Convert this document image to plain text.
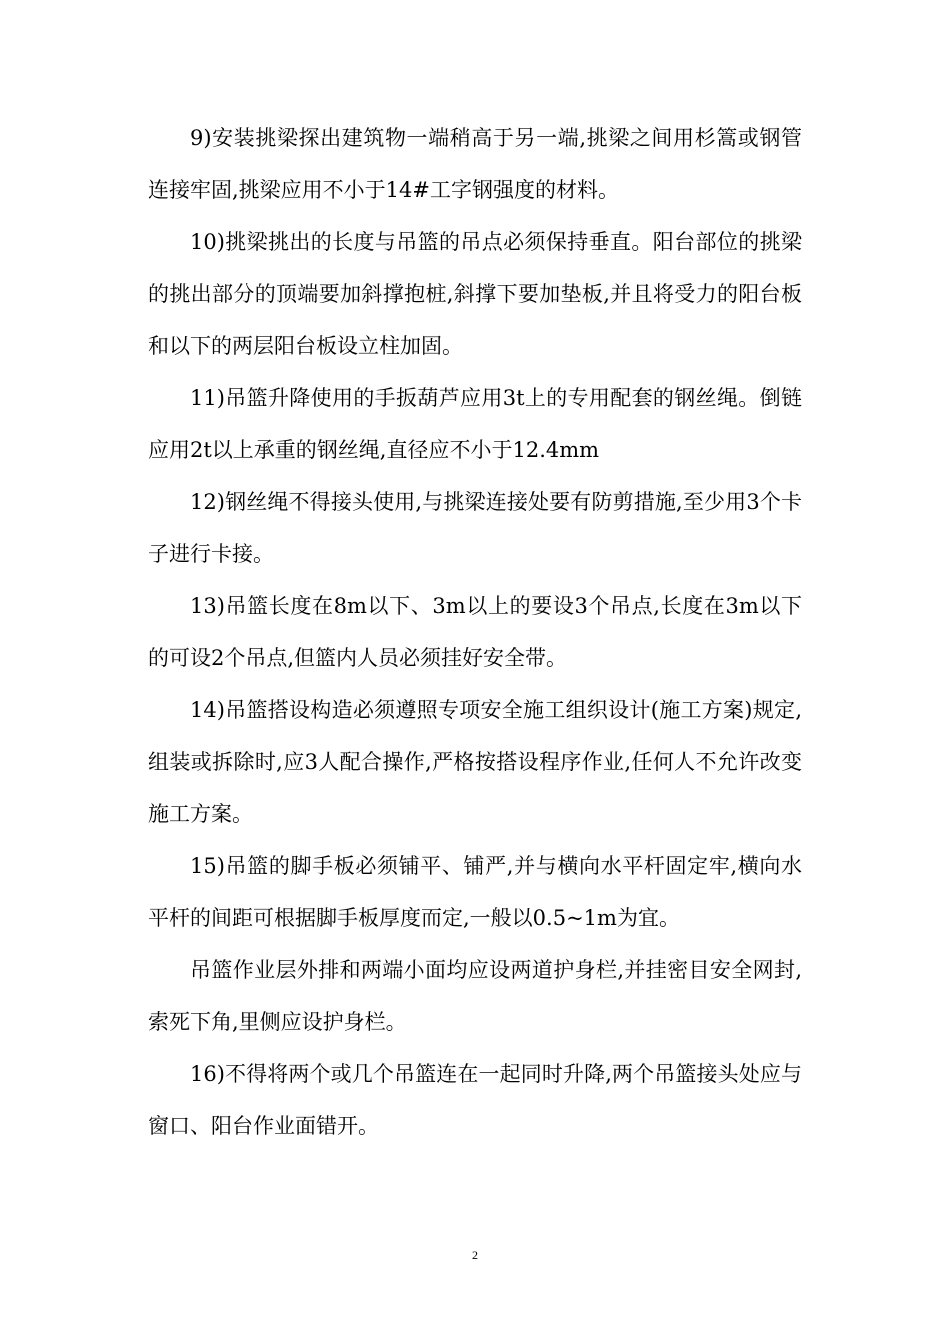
9)安装挑梁探出建筑物一端稍高于另一端,挑梁之间用杉篙或钢管连接牢固,挑梁应用不小于14#工字钢强度的材料。

10)挑梁挑出的长度与吊篮的吊点必须保持垂直。阳台部位的挑梁的挑出部分的顶端要加斜撑抱桩,斜撑下要加垫板,并且将受力的阳台板和以下的两层阳台板设立柱加固。

11)吊篮升降使用的手扳葫芦应用3t上的专用配套的钢丝绳。倒链应用2t以上承重的钢丝绳,直径应不小于12.4mm

12)钢丝绳不得接头使用,与挑梁连接处要有防剪措施,至少用3个卡子进行卡接。

13)吊篮长度在8m以下、3m以上的要设3个吊点,长度在3m以下的可设2个吊点,但篮内人员必须挂好安全带。

14)吊篮搭设构造必须遵照专项安全施工组织设计(施工方案)规定,组装或拆除时,应3人配合操作,严格按搭设程序作业,任何人不允许改变施工方案。

15)吊篮的脚手板必须铺平、铺严,并与横向水平杆固定牢,横向水平杆的间距可根据脚手板厚度而定,一般以0.5~1m为宜。

吊篮作业层外排和两端小面均应设两道护身栏,并挂密目安全网封,索死下角,里侧应设护身栏。

16)不得将两个或几个吊篮连在一起同时升降,两个吊篮接头处应与窗口、阳台作业面错开。

2
